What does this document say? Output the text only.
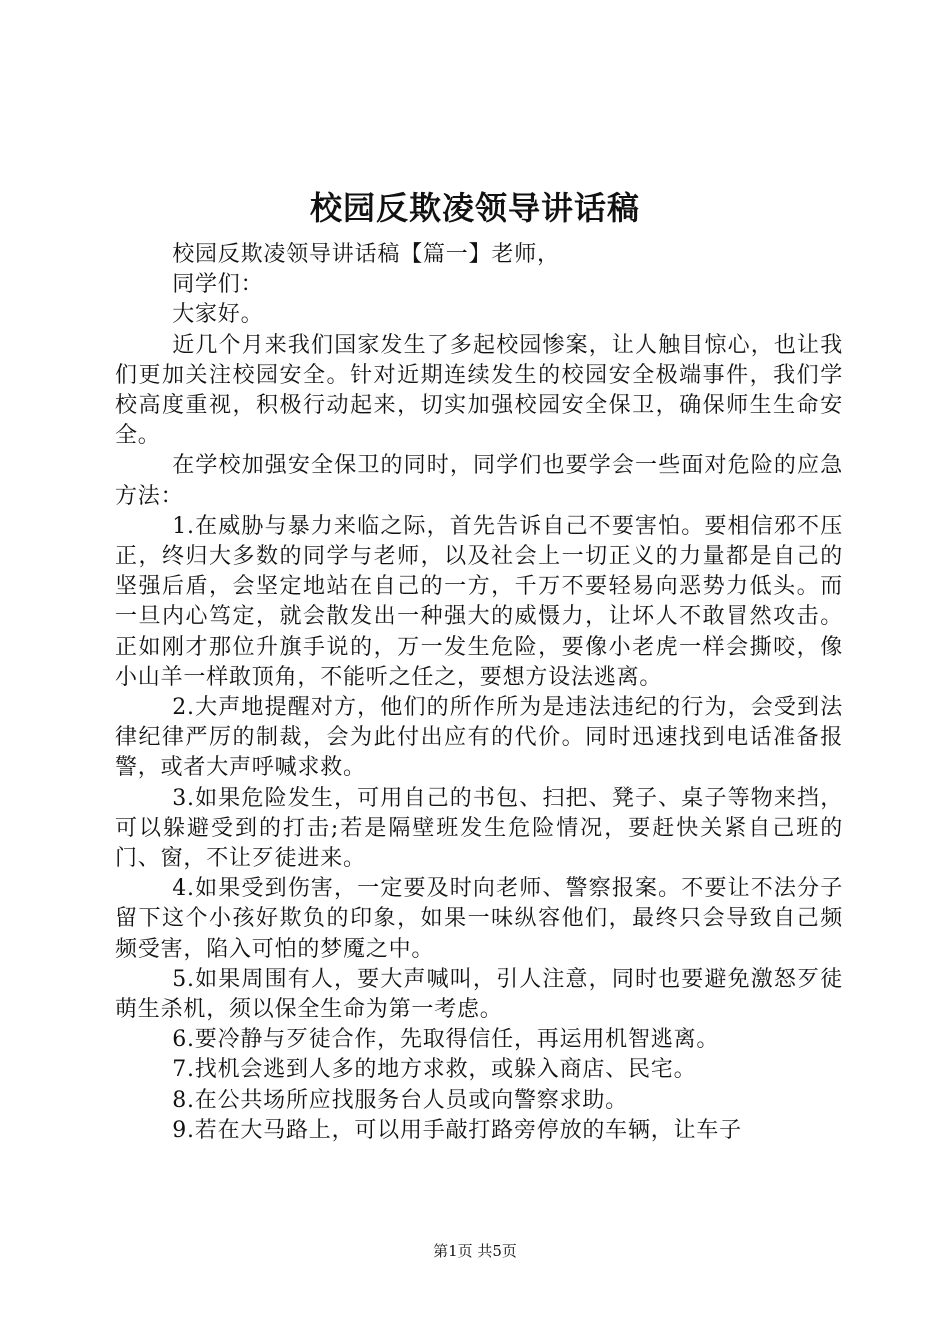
校园反欺凌领导讲话稿

校园反欺凌领导讲话稿【篇一】老师，

同学们：

大家好。

近几个月来我们国家发生了多起校园惨案，让人触目惊心，也让我们更加关注校园安全。针对近期连续发生的校园安全极端事件，我们学校高度重视，积极行动起来，切实加强校园安全保卫，确保师生生命安全。

在学校加强安全保卫的同时，同学们也要学会一些面对危险的应急方法：

1.在威胁与暴力来临之际，首先告诉自己不要害怕。要相信邪不压正，终归大多数的同学与老师，以及社会上一切正义的力量都是自己的坚强后盾，会坚定地站在自己的一方，千万不要轻易向恶势力低头。而一旦内心笃定，就会散发出一种强大的威慑力，让坏人不敢冒然攻击。正如刚才那位升旗手说的，万一发生危险，要像小老虎一样会撕咬，像小山羊一样敢顶角，不能听之任之，要想方设法逃离。

2.大声地提醒对方，他们的所作所为是违法违纪的行为，会受到法律纪律严厉的制裁，会为此付出应有的代价。同时迅速找到电话准备报警，或者大声呼喊求救。

3.如果危险发生，可用自己的书包、扫把、凳子、桌子等物来挡，可以躲避受到的打击;若是隔壁班发生危险情况，要赶快关紧自己班的门、窗，不让歹徒进来。

4.如果受到伤害，一定要及时向老师、警察报案。不要让不法分子留下这个小孩好欺负的印象，如果一味纵容他们，最终只会导致自己频频受害，陷入可怕的梦魇之中。

5.如果周围有人，要大声喊叫，引人注意，同时也要避免激怒歹徒萌生杀机，须以保全生命为第一考虑。

6.要冷静与歹徒合作，先取得信任，再运用机智逃离。

7.找机会逃到人多的地方求救，或躲入商店、民宅。

8.在公共场所应找服务台人员或向警察求助。

9.若在大马路上，可以用手敲打路旁停放的车辆，让车子

第1页 共5页
